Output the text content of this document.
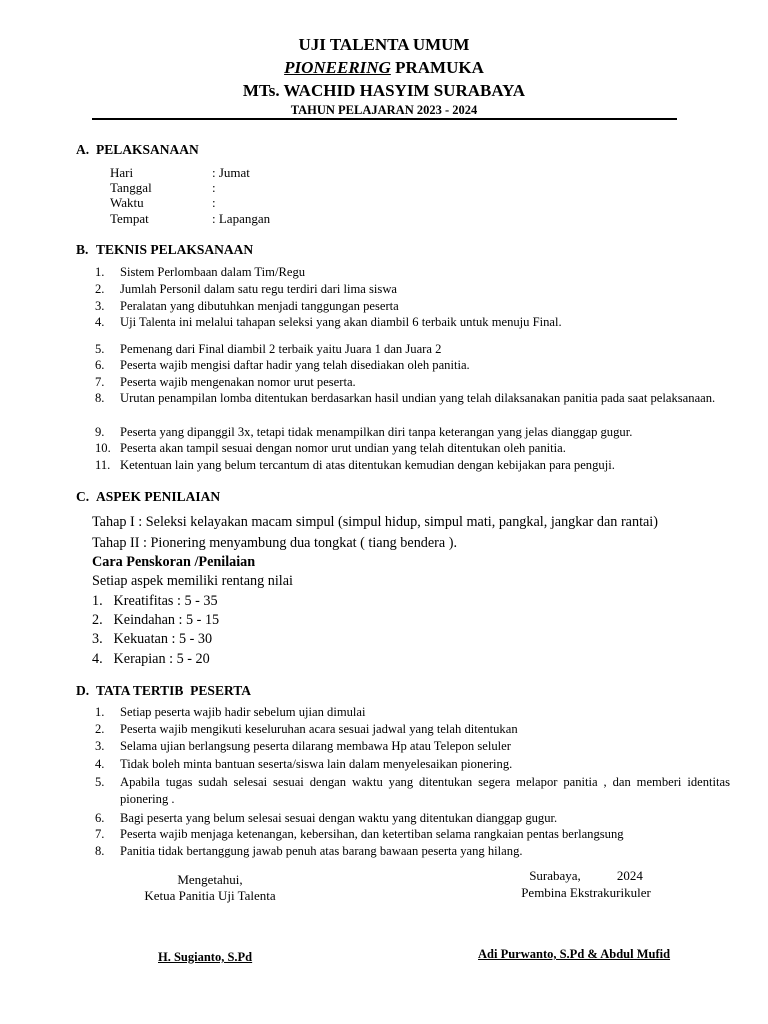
UJI TALENTA UMUM
PIONEERING PRAMUKA
MTs. WACHID HASYIM SURABAYA
TAHUN PELAJARAN 2023 - 2024
A. PELAKSANAAN
Hari	: Jumat
Tanggal	:
Waktu	:
Tempat	: Lapangan
B. TEKNIS PELAKSANAAN
1. Sistem Perlombaan dalam Tim/Regu
2. Jumlah Personil dalam satu regu terdiri dari lima siswa
3. Peralatan yang dibutuhkan menjadi tanggungan peserta
4. Uji Talenta ini melalui tahapan seleksi yang akan diambil 6 terbaik untuk menuju Final.
5. Pemenang dari Final diambil 2 terbaik yaitu Juara 1 dan Juara 2
6. Peserta wajib mengisi daftar hadir yang telah disediakan oleh panitia.
7. Peserta wajib mengenakan nomor urut peserta.
8. Urutan penampilan lomba ditentukan berdasarkan hasil undian yang telah dilaksanakan panitia pada saat pelaksanaan.
9. Peserta yang dipanggil 3x, tetapi tidak menampilkan diri tanpa keterangan yang jelas dianggap gugur.
10. Peserta akan tampil sesuai dengan nomor urut undian yang telah ditentukan oleh panitia.
11. Ketentuan lain yang belum tercantum di atas ditentukan kemudian dengan kebijakan para penguji.
C. ASPEK PENILAIAN
Tahap I : Seleksi kelayakan macam simpul (simpul hidup, simpul mati, pangkal, jangkar dan rantai)
Tahap II : Pionering menyambung dua tongkat ( tiang bendera ).
Cara Penskoran /Penilaian
Setiap aspek memiliki rentang nilai
1. Kreatifitas : 5 - 35
2. Keindahan : 5 - 15
3. Kekuatan : 5 - 30
4. Kerapian : 5 - 20
D. TATA TERTIB  PESERTA
1. Setiap peserta wajib hadir sebelum ujian dimulai
2. Peserta wajib mengikuti keseluruhan acara sesuai jadwal yang telah ditentukan
3. Selama ujian berlangsung peserta dilarang membawa Hp atau Telepon seluler
4. Tidak boleh minta bantuan seserta/siswa lain dalam menyelesaikan pionering.
5. Apabila tugas sudah selesai sesuai dengan waktu yang ditentukan segera melapor panitia , dan memberi identitas pionering .
6. Bagi peserta yang belum selesai sesuai dengan waktu yang ditentukan dianggap gugur.
7. Peserta wajib menjaga ketenangan, kebersihan, dan ketertiban selama rangkaian pentas berlangsung
8. Panitia tidak bertanggung jawab penuh atas barang bawaan peserta yang hilang.
Mengetahui,
Ketua Panitia Uji Talenta
Surabaya,	2024
Pembina Ekstrakurikuler
H. Sugianto, S.Pd	Adi Purwanto, S.Pd & Abdul Mufid
